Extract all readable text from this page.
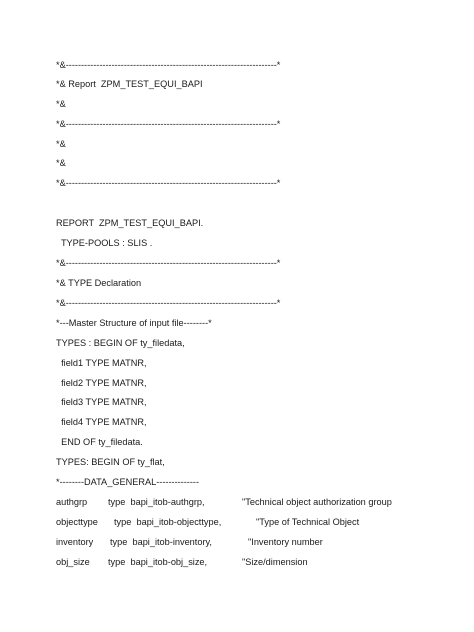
*&---------------------------------------------------------------------*
*& Report  ZPM_TEST_EQUI_BAPI
*&
*&---------------------------------------------------------------------*
*&
*&
*&---------------------------------------------------------------------*
REPORT  ZPM_TEST_EQUI_BAPI.
TYPE-POOLS : SLIS .
*&---------------------------------------------------------------------*
*& TYPE Declaration
*&---------------------------------------------------------------------*
*---Master Structure of input file--------*
TYPES : BEGIN OF ty_filedata,
field1 TYPE MATNR,
field2 TYPE MATNR,
field3 TYPE MATNR,
field4 TYPE MATNR,
END OF ty_filedata.
TYPES: BEGIN OF ty_flat,
*--------DATA_GENERAL--------------
authgrp type  bapi_itob-authgrp,	"Technical object authorization group
objecttype type  bapi_itob-objecttype,	"Type of Technical Object
inventory type  bapi_itob-inventory,	"Inventory number
obj_size type  bapi_itob-obj_size,	"Size/dimension
